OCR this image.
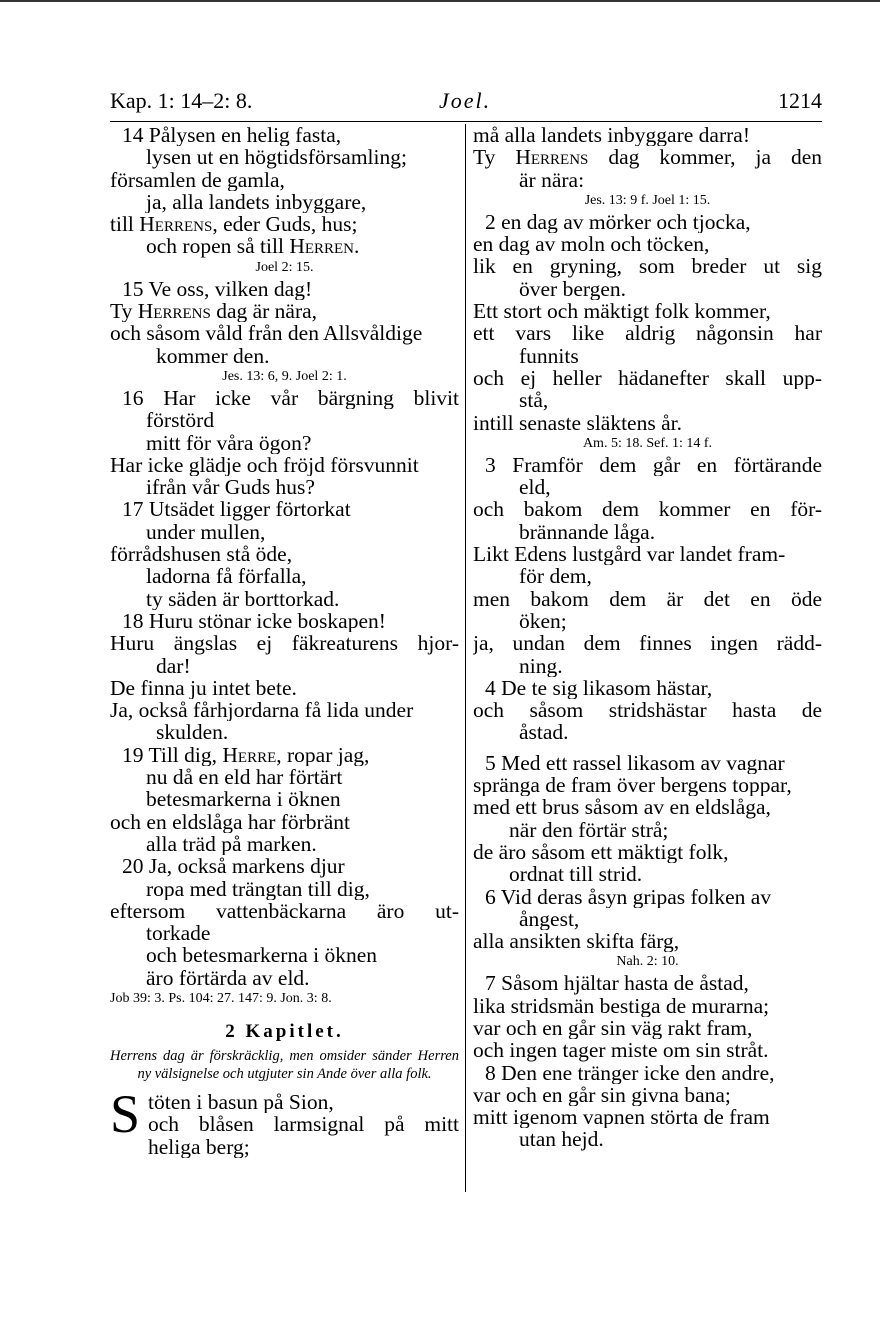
Kap. 1: 14–2: 8.	Joel.	1214
14 Pålysen en helig fasta,
lysen ut en högtidsförsamling;
församlen de gamla,
ja, alla landets inbyggare,
till Herrens, eder Guds, hus;
och ropen så till Herren.
Joel 2: 15.
15 Ve oss, vilken dag!
Ty Herrens dag är nära,
och såsom våld från den Allsvåldige
kommer den.
Jes. 13: 6, 9. Joel 2: 1.
16 Har icke vår bärgning blivit
förstörd
mitt för våra ögon?
Har icke glädje och fröjd försvunnit
ifrån vår Guds hus?
17 Utsädet ligger förtorkat
under mullen,
förrådshusen stå öde,
ladorna få förfalla,
ty säden är borttorkad.
18 Huru stönar icke boskapen!
Huru ängslas ej fäkreaturens hjor-
dar!
De finna ju intet bete.
Ja, också fårhjordarna få lida under
skulden.
19 Till dig, Herre, ropar jag,
nu då en eld har förtärt
betesmarkerna i öknen
och en eldslåga har förbränt
alla träd på marken.
20 Ja, också markens djur
ropa med trängtan till dig,
eftersom vattenbäckarna äro ut-
torkade
och betesmarkerna i öknen
äro förtärda av eld.
Job 39: 3. Ps. 104: 27. 147: 9. Jon. 3: 8.
2 Kapitlet.
Herrens dag är förskräcklig, men omsider sänder Herren ny välsignelse och utgjuter sin Ande över alla folk.
S töten i basun på Sion,
och blåsen larmsignal på mitt
heliga berg;
må alla landets inbyggare darra!
Ty Herrens dag kommer, ja den
är nära:
Jes. 13: 9 f. Joel 1: 15.
2 en dag av mörker och tjocka,
en dag av moln och töcken,
lik en gryning, som breder ut sig
över bergen.
Ett stort och mäktigt folk kommer,
ett vars like aldrig någonsin har
funnits
och ej heller hädanefter skall upp-
stå,
intill senaste släktens år.
Am. 5: 18. Sef. 1: 14 f.
3 Framför dem går en förtärande
eld,
och bakom dem kommer en för-
brännande låga.
Likt Edens lustgård var landet fram-
för dem,
men bakom dem är det en öde
öken;
ja, undan dem finnes ingen rädd-
ning.
4 De te sig likasom hästar,
och såsom stridshästar hasta de
åstad.
5 Med ett rassel likasom av vagnar
spränga de fram över bergens toppar,
med ett brus såsom av en eldslåga,
när den förtär strå;
de äro såsom ett mäktigt folk,
ordnat till strid.
6 Vid deras åsyn gripas folken av
ångest,
alla ansikten skifta färg,
Nah. 2: 10.
7 Såsom hjältar hasta de åstad,
lika stridsmän bestiga de murarna;
var och en går sin väg rakt fram,
och ingen tager miste om sin stråt.
8 Den ene tränger icke den andre,
var och en går sin givna bana;
mitt igenom vapnen störta de fram
utan hejd.
